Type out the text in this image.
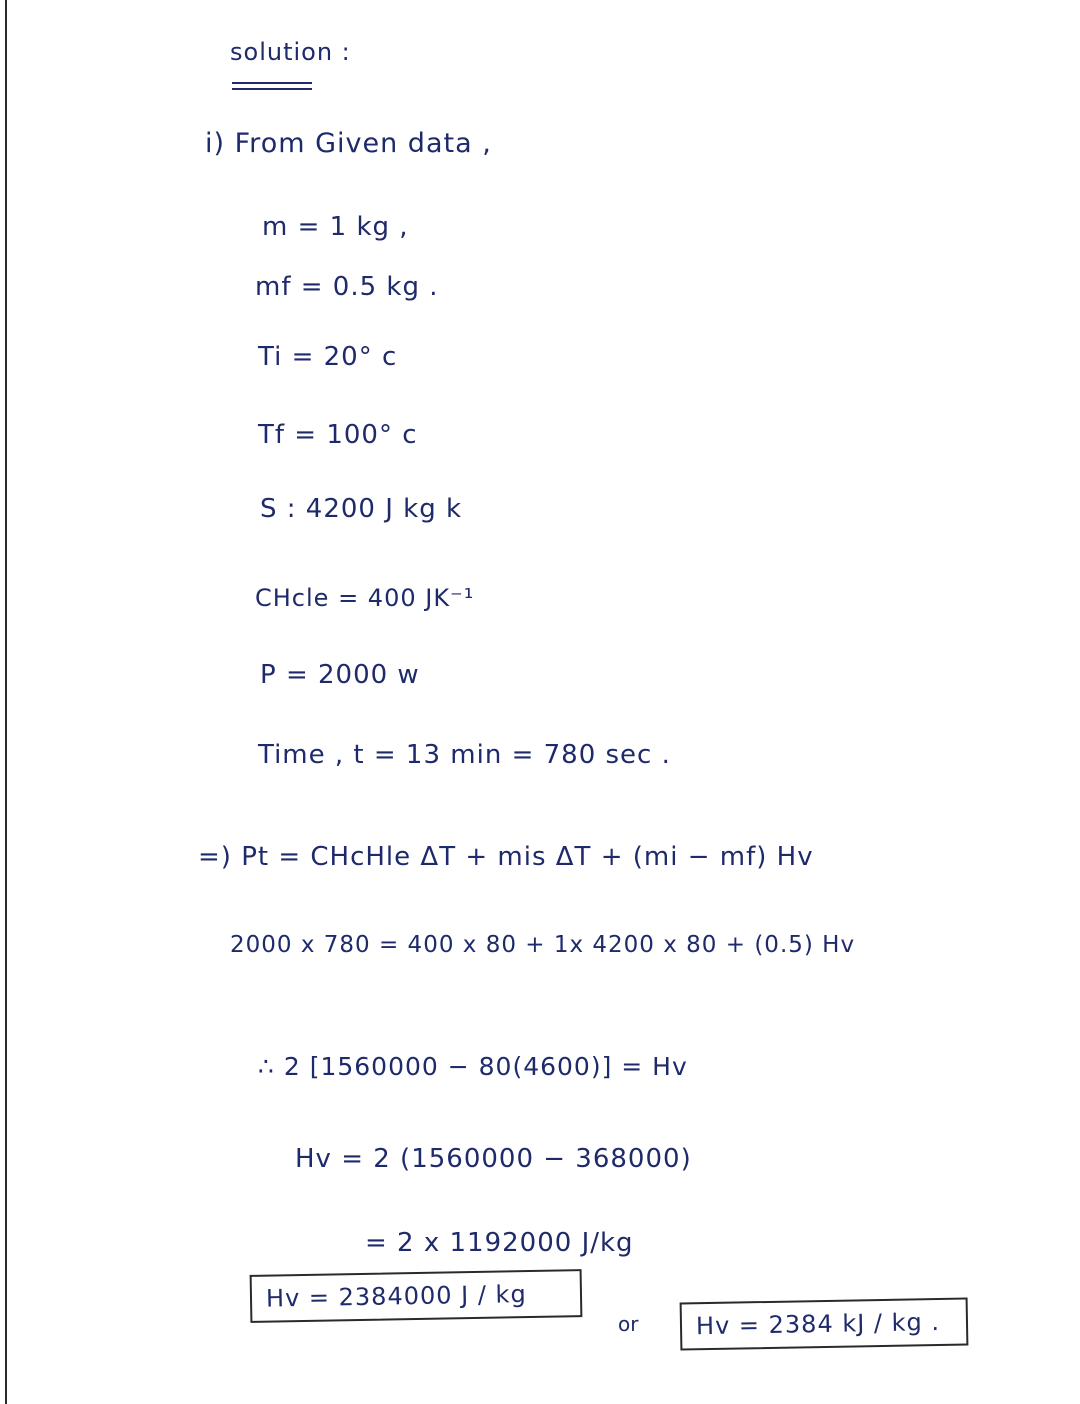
solution :
i) From Given data ,
m = 1 kg ,
mf = 0.5 kg .
Ti = 20° c
Tf = 100° c
S : 4200 J kg k
CHcle = 400 JK⁻¹
P = 2000 w
Time , t = 13 min = 780 sec .
=) Pt = CHcHle ΔT + mis ΔT + (mi − mf) Hv
2000 x 780 = 400 x 80 + 1x 4200 x 80 + (0.5) Hv
∴ 2 [1560000 − 80(4600)] = Hv
Hv = 2 (1560000 − 368000)
= 2 x 1192000 J/kg
Hv = 2384000 J / kg
or	Hv = 2384 kJ / kg .
